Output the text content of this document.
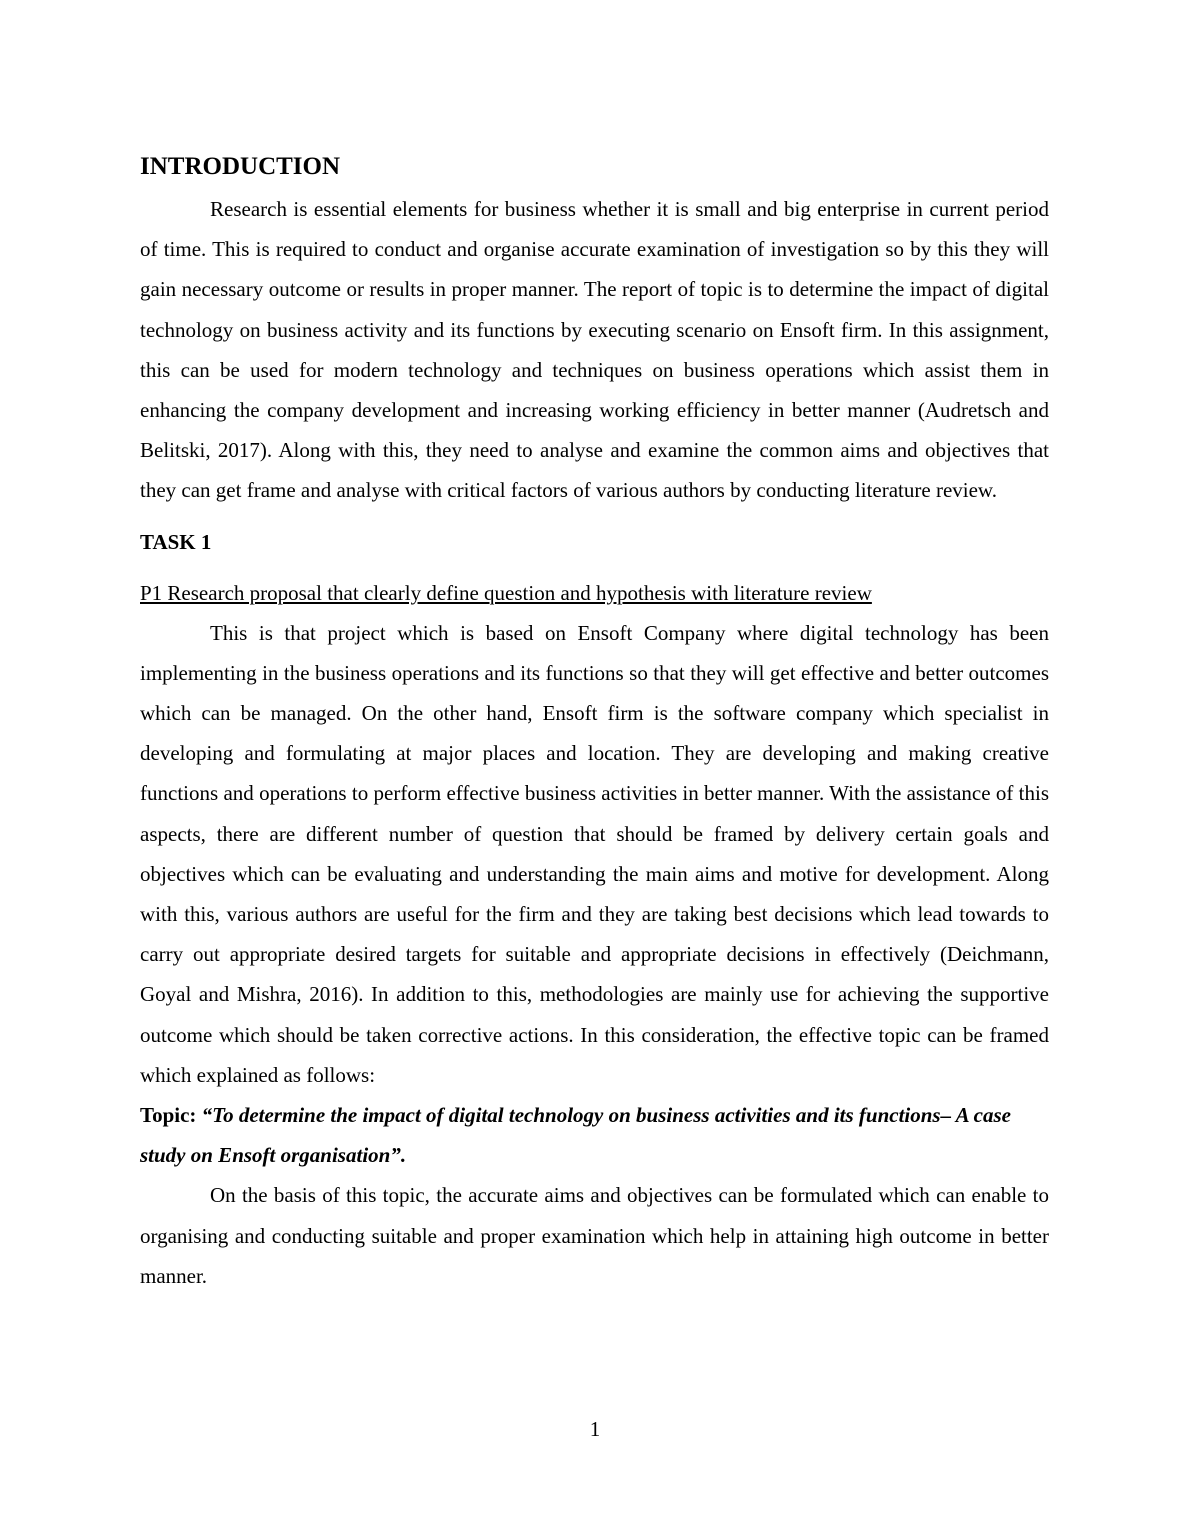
INTRODUCTION

Research is essential elements for business whether it is small and big enterprise in current period of time. This is required to conduct and organise accurate examination of investigation so by this they will gain necessary outcome or results in proper manner. The report of topic is to determine the impact of digital technology on business activity and its functions by executing scenario on Ensoft firm. In this assignment, this can be used for modern technology and techniques on business operations which assist them in enhancing the company development and increasing working efficiency in better manner (Audretsch and Belitski, 2017). Along with this, they need to analyse and examine the common aims and objectives that they can get frame and analyse with critical factors of various authors by conducting literature review.

TASK 1

P1 Research proposal that clearly define question and hypothesis with literature review

This is that project which is based on Ensoft Company where digital technology has been implementing in the business operations and its functions so that they will get effective and better outcomes which can be managed. On the other hand, Ensoft firm is the software company which specialist in developing and formulating at major places and location. They are developing and making creative functions and operations to perform effective business activities in better manner. With the assistance of this aspects, there are different number of question that should be framed by delivery certain goals and objectives which can be evaluating and understanding the main aims and motive for development. Along with this, various authors are useful for the firm and they are taking best decisions which lead towards to carry out appropriate desired targets for suitable and appropriate decisions in effectively (Deichmann, Goyal and Mishra, 2016). In addition to this, methodologies are mainly use for achieving the supportive outcome which should be taken corrective actions. In this consideration, the effective topic can be framed which explained as follows:

Topic: “To determine the impact of digital technology on business activities and its functions– A case study on Ensoft organisation”.

On the basis of this topic, the accurate aims and objectives can be formulated which can enable to organising and conducting suitable and proper examination which help in attaining high outcome in better manner.

1
